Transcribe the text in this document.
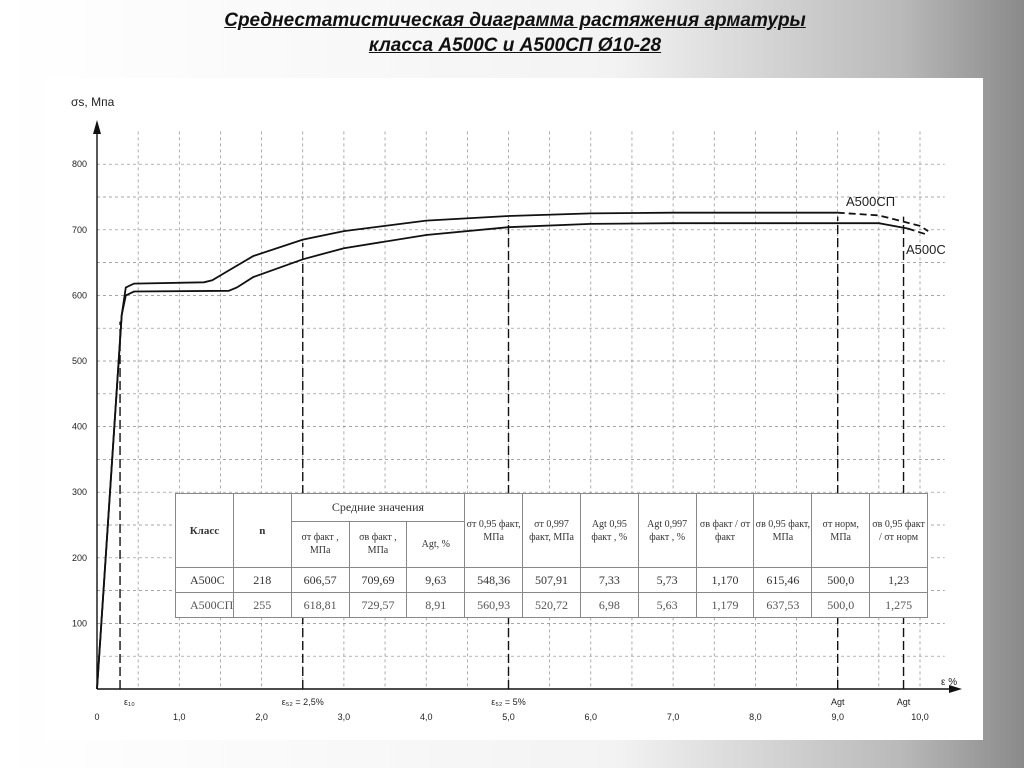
Среднестатистическая диаграмма растяжения арматуры
класса А500С и А500СП Ø10-28
100
200
300
400
500
600
700
800
0	1,0	2,0	3,0	4,0	5,0	6,0	7,0	8,0	9,0	10,0
σs, Мпа
ε %
ε₁₀	ε₅₂ = 2,5%	ε₅₂ = 5%	Agt	Agt
А500СП
А500С
Класс	n	Средние значения			σт 0,95 факт, МПа	σт 0,997 факт, МПа	Agt 0,95 факт , %	Agt 0,997 факт , %	σв факт / σт факт	σв 0,95 факт, МПа	σт норм, МПа	σв 0,95 факт / σт норм
		σт факт , МПа	σв факт , МПа	Agt, %								
А500С	218	606,57	709,69	9,63	548,36	507,91	7,33	5,73	1,170	615,46	500,0	1,23
А500СП	255	618,81	729,57	8,91	560,93	520,72	6,98	5,63	1,179	637,53	500,0	1,275
